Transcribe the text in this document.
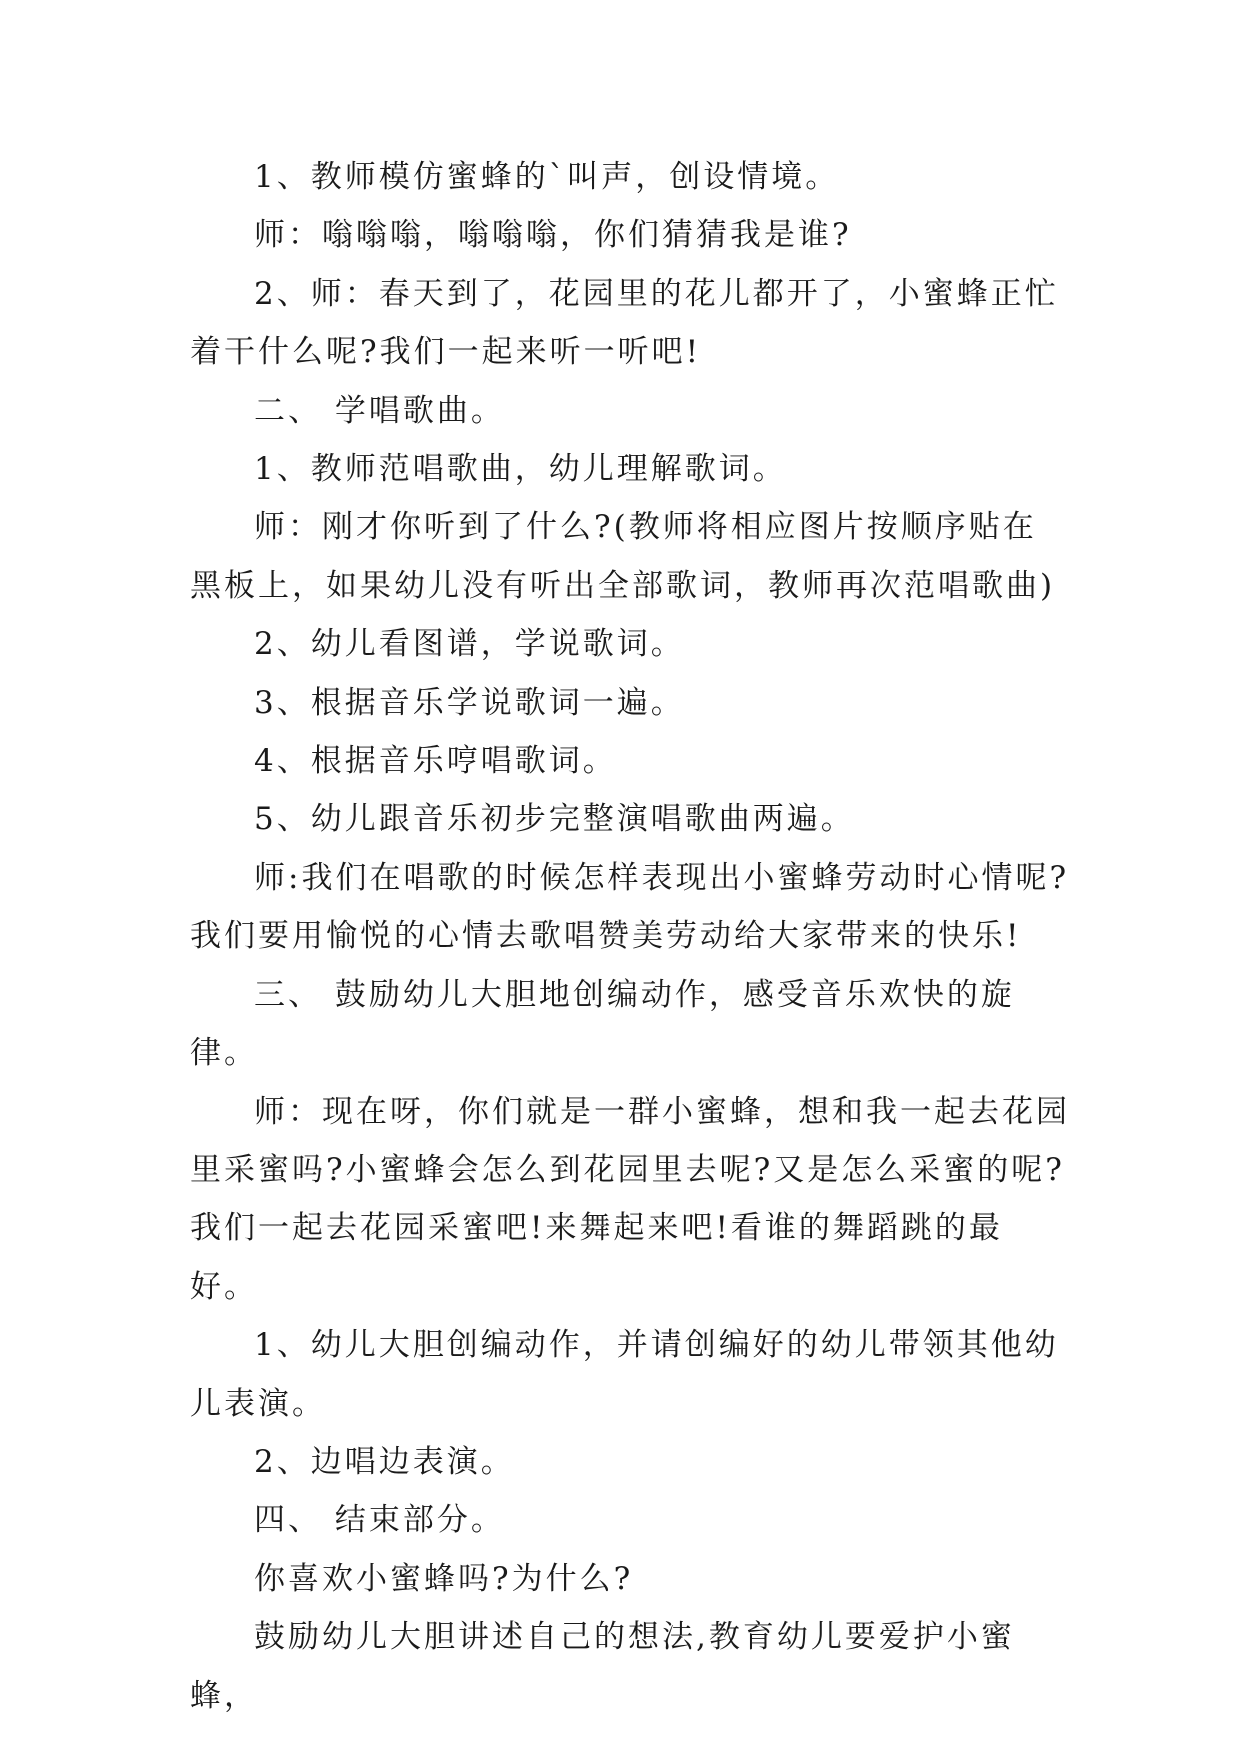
1、教师模仿蜜蜂的`叫声，创设情境。

师：嗡嗡嗡，嗡嗡嗡，你们猜猜我是谁?

2、师：春天到了，花园里的花儿都开了，小蜜蜂正忙着干什么呢?我们一起来听一听吧!

二、 学唱歌曲。

1、教师范唱歌曲，幼儿理解歌词。

师：刚才你听到了什么?(教师将相应图片按顺序贴在黑板上，如果幼儿没有听出全部歌词，教师再次范唱歌曲)

2、幼儿看图谱，学说歌词。

3、根据音乐学说歌词一遍。

4、根据音乐哼唱歌词。

5、幼儿跟音乐初步完整演唱歌曲两遍。

师:我们在唱歌的时候怎样表现出小蜜蜂劳动时心情呢?我们要用愉悦的心情去歌唱赞美劳动给大家带来的快乐!

三、 鼓励幼儿大胆地创编动作，感受音乐欢快的旋律。

师：现在呀，你们就是一群小蜜蜂，想和我一起去花园里采蜜吗?小蜜蜂会怎么到花园里去呢?又是怎么采蜜的呢?我们一起去花园采蜜吧!来舞起来吧!看谁的舞蹈跳的最好。

1、幼儿大胆创编动作，并请创编好的幼儿带领其他幼儿表演。

2、边唱边表演。

四、 结束部分。

你喜欢小蜜蜂吗?为什么?

鼓励幼儿大胆讲述自己的想法,教育幼儿要爱护小蜜蜂，
